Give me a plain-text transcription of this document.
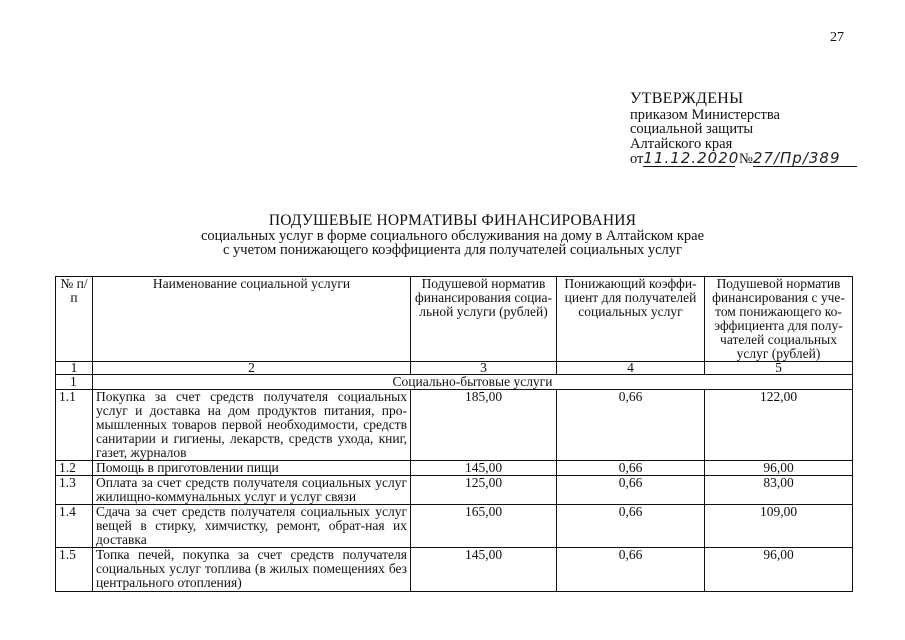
27
УТВЕРЖДЕНЫ
приказом Министерства
социальной защиты
Алтайского края
от11.12.2020 №27/Пр/389
ПОДУШЕВЫЕ НОРМАТИВЫ ФИНАНСИРОВАНИЯ
социальных услуг в форме социального обслуживания на дому в Алтайском крае
с учетом понижающего коэффициента для получателей социальных услуг
№ п/п	Наименование социальной услуги	Подушевой норматив финансирования социа-льной услуги (рублей)	Понижающий коэффи-циент для получателей социальных услуг	Подушевой норматив финансирования с уче-том понижающего ко-эффициента для полу-чателей социальных услуг (рублей)
1	2	3	4	5
1	Социально-бытовые услуги			
1.1	Покупка за счет средств получателя социальных услуг и доставка на дом продуктов питания, про-мышленных товаров первой необходимости, средств санитарии и гигиены, лекарств, средств ухода, книг, газет, журналов	185,00	0,66	122,00
1.2	Помощь в приготовлении пищи	145,00	0,66	96,00
1.3	Оплата за счет средств получателя социальных услуг жилищно-коммунальных услуг и услуг связи	125,00	0,66	83,00
1.4	Сдача за счет средств получателя социальных услуг вещей в стирку, химчистку, ремонт, обрат-ная их доставка	165,00	0,66	109,00
1.5	Топка печей, покупка за счет средств получателя социальных услуг топлива (в жилых помещениях без центрального отопления)	145,00	0,66	96,00
